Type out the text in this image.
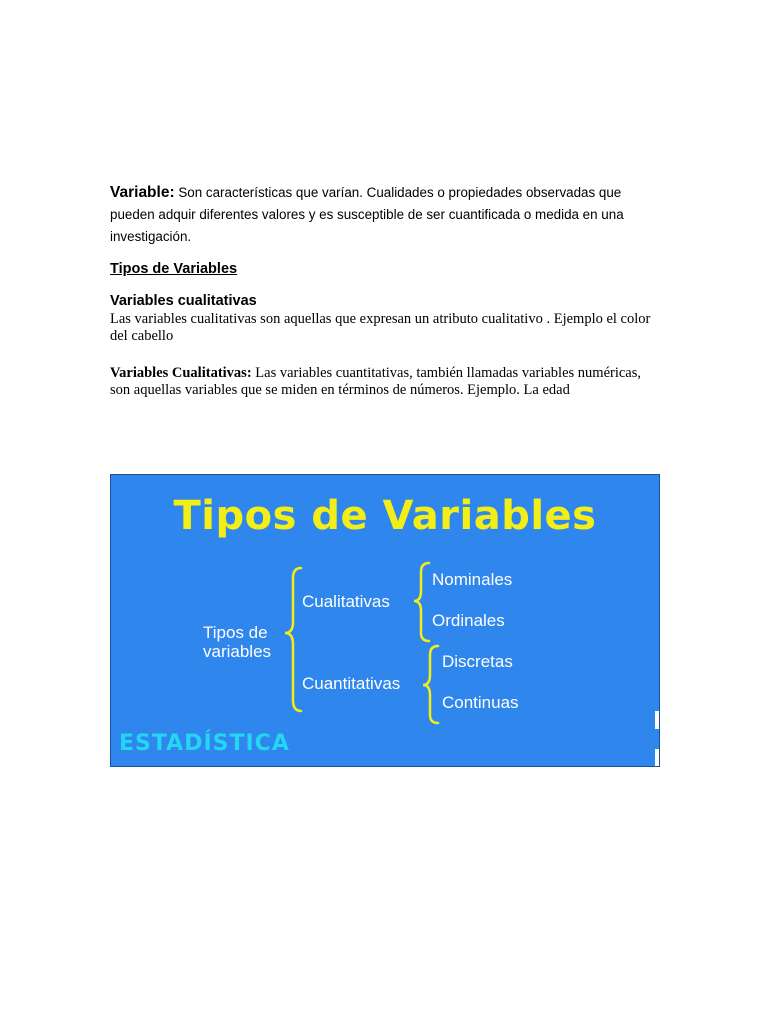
Variable: Son características que varían. Cualidades o propiedades observadas que pueden adquir diferentes valores y es susceptible de ser cuantificada o medida en una investigación.
Tipos de Variables
Variables cualitativas
Las variables cualitativas son aquellas que expresan un atributo cualitativo . Ejemplo el color del cabello
Variables Cualitativas: Las variables cuantitativas, también llamadas variables numéricas, son aquellas variables que se miden en términos de números. Ejemplo. La edad
Tipos de Variables
Tipos de
variables
Cualitativas
Cuantitativas
Nominales
Ordinales
Discretas
Continuas
ESTADÍSTICA
